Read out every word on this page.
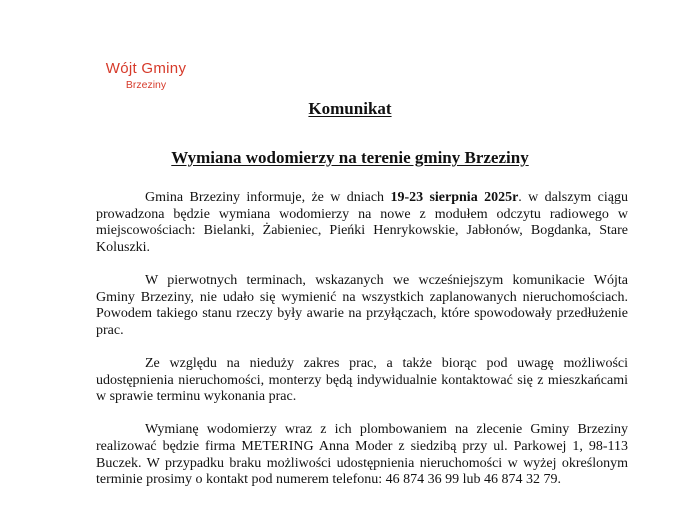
Wójt Gminy
Brzeziny
Komunikat
Wymiana wodomierzy na terenie gminy Brzeziny

Gmina Brzeziny informuje, że w dniach 19-23 sierpnia 2025r. w dalszym ciągu prowadzona będzie wymiana wodomierzy na nowe z modułem odczytu radiowego w miejscowościach: Bielanki, Żabieniec, Pieńki Henrykowskie, Jabłonów, Bogdanka, Stare Koluszki.

W pierwotnych terminach, wskazanych we wcześniejszym komunikacie Wójta Gminy Brzeziny, nie udało się wymienić na wszystkich zaplanowanych nieruchomościach. Powodem takiego stanu rzeczy były awarie na przyłączach, które spowodowały przedłużenie prac.

Ze względu na nieduży zakres prac, a także biorąc pod uwagę możliwości udostępnienia nieruchomości, monterzy będą indywidualnie kontaktować się z mieszkańcami w sprawie terminu wykonania prac.

Wymianę wodomierzy wraz z ich plombowaniem na zlecenie Gminy Brzeziny realizować będzie firma METERING Anna Moder z siedzibą przy ul. Parkowej 1, 98-113 Buczek. W przypadku braku możliwości udostępnienia nieruchomości w wyżej określonym terminie prosimy o kontakt pod numerem telefonu: 46 874 36 99 lub 46 874 32 79.
